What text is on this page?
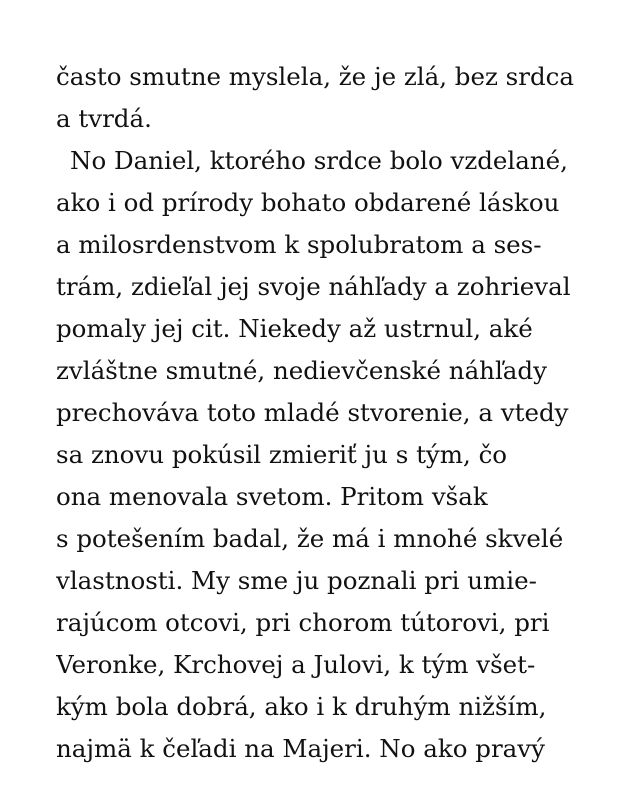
často smutne myslela, že je zlá, bez srdca
a tvrdá.
No Daniel, ktorého srdce bolo vzdelané,
ako i od prírody bohato obdarené láskou
a milosrdenstvom k spolubratom a ses-
trám, zdieľal jej svoje náhľady a zohrieval
pomaly jej cit. Niekedy až ustrnul, aké
zvláštne smutné, nedievčenské náhľady
prechováva toto mladé stvorenie, a vtedy
sa znovu pokúsil zmieriť ju s tým, čo
ona menovala svetom. Pritom však
s potešením badal, že má i mnohé skvelé
vlastnosti. My sme ju poznali pri umie-
rajúcom otcovi, pri chorom tútorovi, pri
Veronke, Krchovej a Julovi, k tým všet-
kým bola dobrá, ako i k druhým nižším,
najmä k čeľadi na Majeri. No ako pravý
